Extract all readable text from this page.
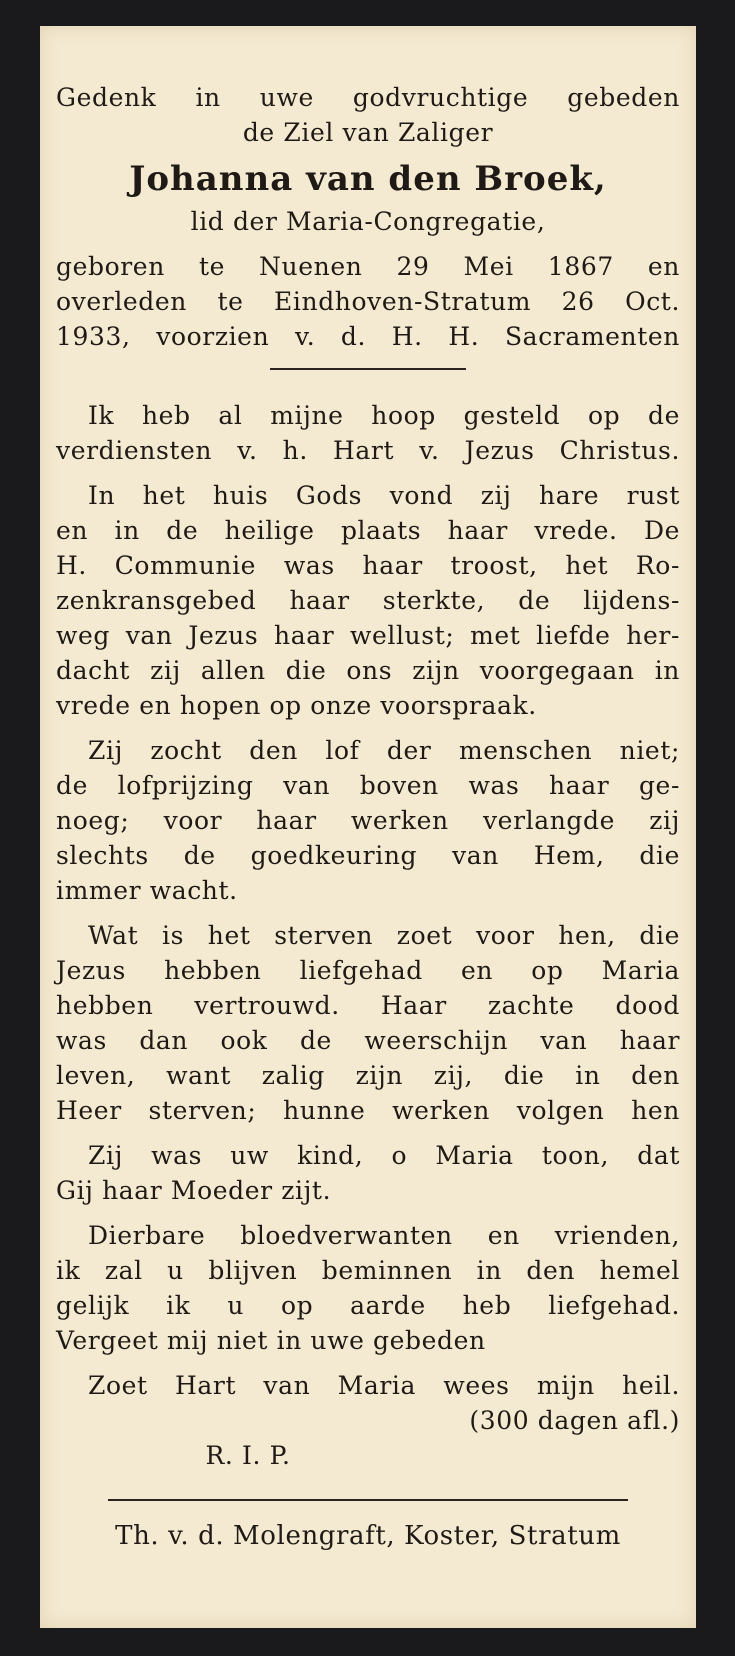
Gedenk in uwe godvruchtige gebeden
de Ziel van Zaliger
Johanna van den Broek,
lid der Maria-Congregatie,
geboren te Nuenen 29 Mei 1867 en
overleden te Eindhoven-Stratum 26 Oct.
1933, voorzien v. d. H. H. Sacramenten
Ik heb al mijne hoop gesteld op de
verdiensten v. h. Hart v. Jezus Christus.
In het huis Gods vond zij hare rust
en in de heilige plaats haar vrede. De
H. Communie was haar troost, het Ro-
zenkransgebed haar sterkte, de lijdens-
weg van Jezus haar wellust; met liefde her-
dacht zij allen die ons zijn voorgegaan in
vrede en hopen op onze voorspraak.
Zij zocht den lof der menschen niet;
de lofprijzing van boven was haar ge-
noeg; voor haar werken verlangde zij
slechts de goedkeuring van Hem, die
immer wacht.
Wat is het sterven zoet voor hen, die
Jezus hebben liefgehad en op Maria
hebben vertrouwd. Haar zachte dood
was dan ook de weerschijn van haar
leven, want zalig zijn zij, die in den
Heer sterven; hunne werken volgen hen
Zij was uw kind, o Maria toon, dat
Gij haar Moeder zijt.
Dierbare bloedverwanten en vrienden,
ik zal u blijven beminnen in den hemel
gelijk ik u op aarde heb liefgehad.
Vergeet mij niet in uwe gebeden
Zoet Hart van Maria wees mijn heil.
(300 dagen afl.)
R. I. P.
Th. v. d. Molengraft, Koster, Stratum
